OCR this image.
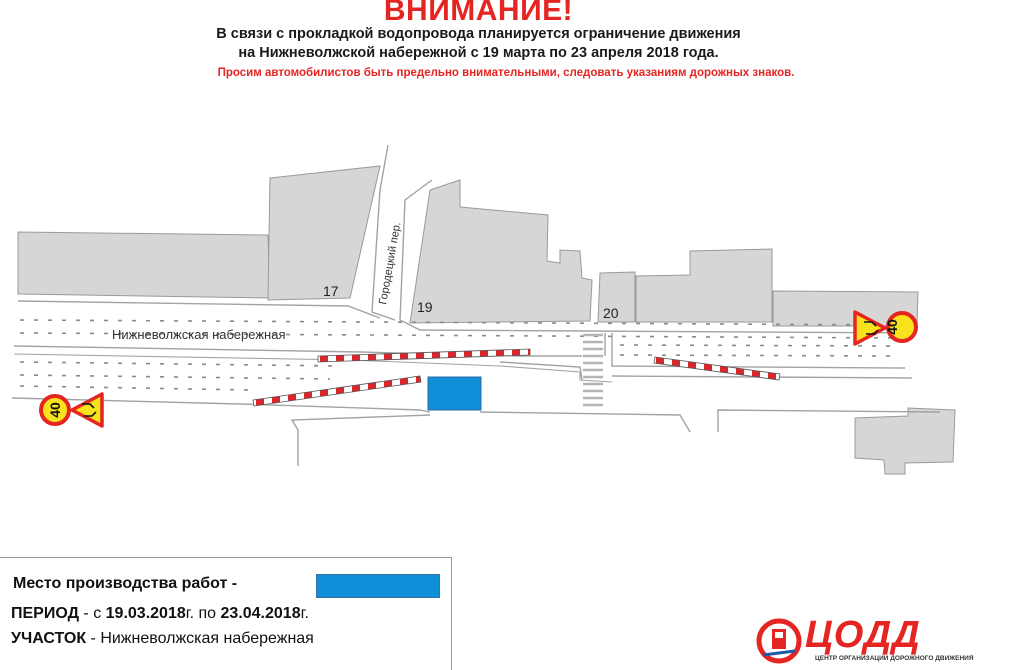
ВНИМАНИЕ!
В связи с прокладкой водопровода планируется ограничение движения
на Нижневолжской набережной с 19 марта по 23 апреля 2018 года.
Просим автомобилистов быть предельно внимательными, следовать указаниям дорожных знаков.
Нижневолжская набережная
Городецкий пер.
17
19	20
40
40
Место производства работ -
ПЕРИОД - с 19.03.2018г. по 23.04.2018г.
УЧАСТОК - Нижневолжская набережная	ЦОДД
ЦЕНТР ОРГАНИЗАЦИИ ДОРОЖНОГО ДВИЖЕНИЯ
